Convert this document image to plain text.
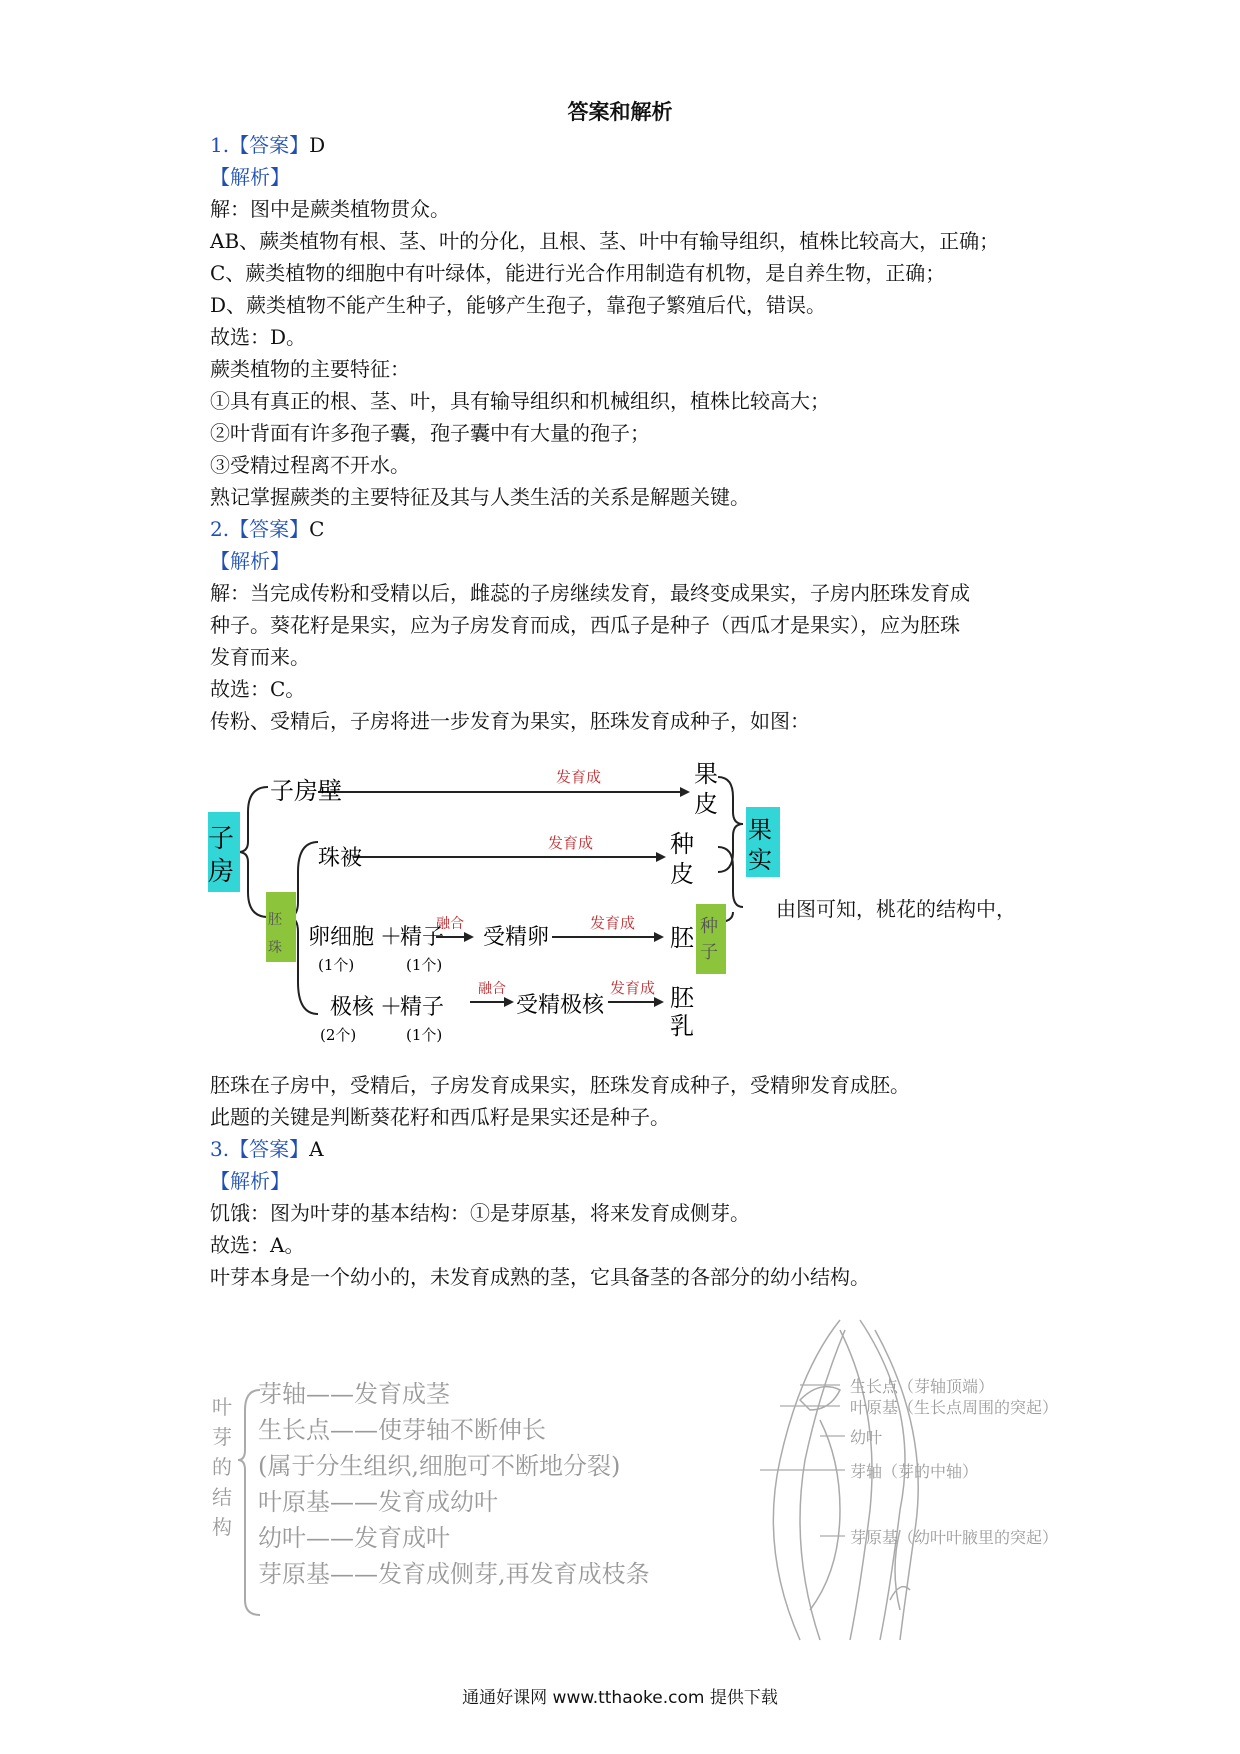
答案和解析
1.【答案】D
【解析】
解：图中是蕨类植物贯众。
AB、蕨类植物有根、茎、叶的分化，且根、茎、叶中有输导组织，植株比较高大，正确；
C、蕨类植物的细胞中有叶绿体，能进行光合作用制造有机物，是自养生物，正确；
D、蕨类植物不能产生种子，能够产生孢子，靠孢子繁殖后代，错误。
故选：D。
蕨类植物的主要特征：
①具有真正的根、茎、叶，具有输导组织和机械组织，植株比较高大；
②叶背面有许多孢子囊，孢子囊中有大量的孢子；
③受精过程离不开水。
熟记掌握蕨类的主要特征及其与人类生活的关系是解题关键。
2.【答案】C
【解析】
解：当完成传粉和受精以后，雌蕊的子房继续发育，最终变成果实，子房内胚珠发育成
种子。葵花籽是果实，应为子房发育而成，西瓜子是种子（西瓜才是果实），应为胚珠
发育而来。
故选：C。
传粉、受精后，子房将进一步发育为果实，胚珠发育成种子，如图：
子
房
胚
珠
子房壁
珠被
卵细胞 ＋
精子
(1个)	(1个)
受精卵
极核 ＋
精子
(2个)	(1个)
受精极核
发育成
发育成
融合	发育成
融合	发育成
果
皮
种
皮
胚
胚
乳
果
实
种
子
由图可知，桃花的结构中，
胚珠在子房中，受精后，子房发育成果实，胚珠发育成种子，受精卵发育成胚。
此题的关键是判断葵花籽和西瓜籽是果实还是种子。
3.【答案】A
【解析】
饥饿：图为叶芽的基本结构：①是芽原基，将来发育成侧芽。
故选：A。
叶芽本身是一个幼小的，未发育成熟的茎，它具备茎的各部分的幼小结构。
叶
芽
的
结
构
芽轴——发育成茎
生长点——使芽轴不断伸长
(属于分生组织,细胞可不断地分裂)
叶原基——发育成幼叶
幼叶——发育成叶
芽原基——发育成侧芽,再发育成枝条
生长点（芽轴顶端）
叶原基（生长点周围的突起）
幼叶
芽轴（芽的中轴）
芽原基（幼叶叶腋里的突起）
通通好课网 www.tthaoke.com 提供下载
